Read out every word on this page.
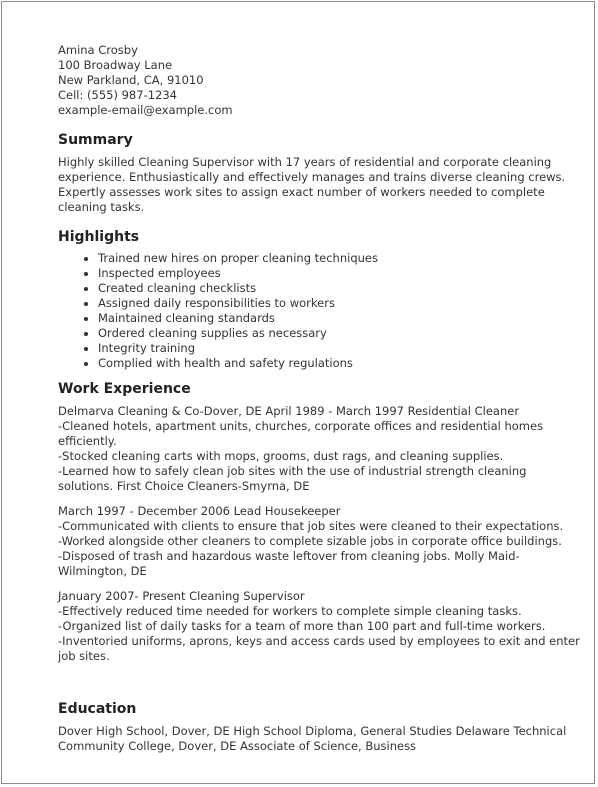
Amina Crosby
100 Broadway Lane
New Parkland, CA, 91010
Cell: (555) 987-1234
example-email@example.com
Summary
Highly skilled Cleaning Supervisor with 17 years of residential and corporate cleaning experience. Enthusiastically and effectively manages and trains diverse cleaning crews. Expertly assesses work sites to assign exact number of workers needed to complete cleaning tasks.
Highlights
• Trained new hires on proper cleaning techniques
• Inspected employees
• Created cleaning checklists
• Assigned daily responsibilities to workers
• Maintained cleaning standards
• Ordered cleaning supplies as necessary
• Integrity training
• Complied with health and safety regulations
Work Experience
Delmarva Cleaning & Co-Dover, DE April 1989 - March 1997 Residential Cleaner
-Cleaned hotels, apartment units, churches, corporate offices and residential homes efficiently.
-Stocked cleaning carts with mops, grooms, dust rags, and cleaning supplies.
-Learned how to safely clean job sites with the use of industrial strength cleaning solutions. First Choice Cleaners-Smyrna, DE
March 1997 - December 2006 Lead Housekeeper
-Communicated with clients to ensure that job sites were cleaned to their expectations.
-Worked alongside other cleaners to complete sizable jobs in corporate office buildings.
-Disposed of trash and hazardous waste leftover from cleaning jobs. Molly Maid-Wilmington, DE
January 2007- Present Cleaning Supervisor
-Effectively reduced time needed for workers to complete simple cleaning tasks.
-Organized list of daily tasks for a team of more than 100 part and full-time workers.
-Inventoried uniforms, aprons, keys and access cards used by employees to exit and enter job sites.
Education
Dover High School, Dover, DE High School Diploma, General Studies Delaware Technical Community College, Dover, DE Associate of Science, Business
